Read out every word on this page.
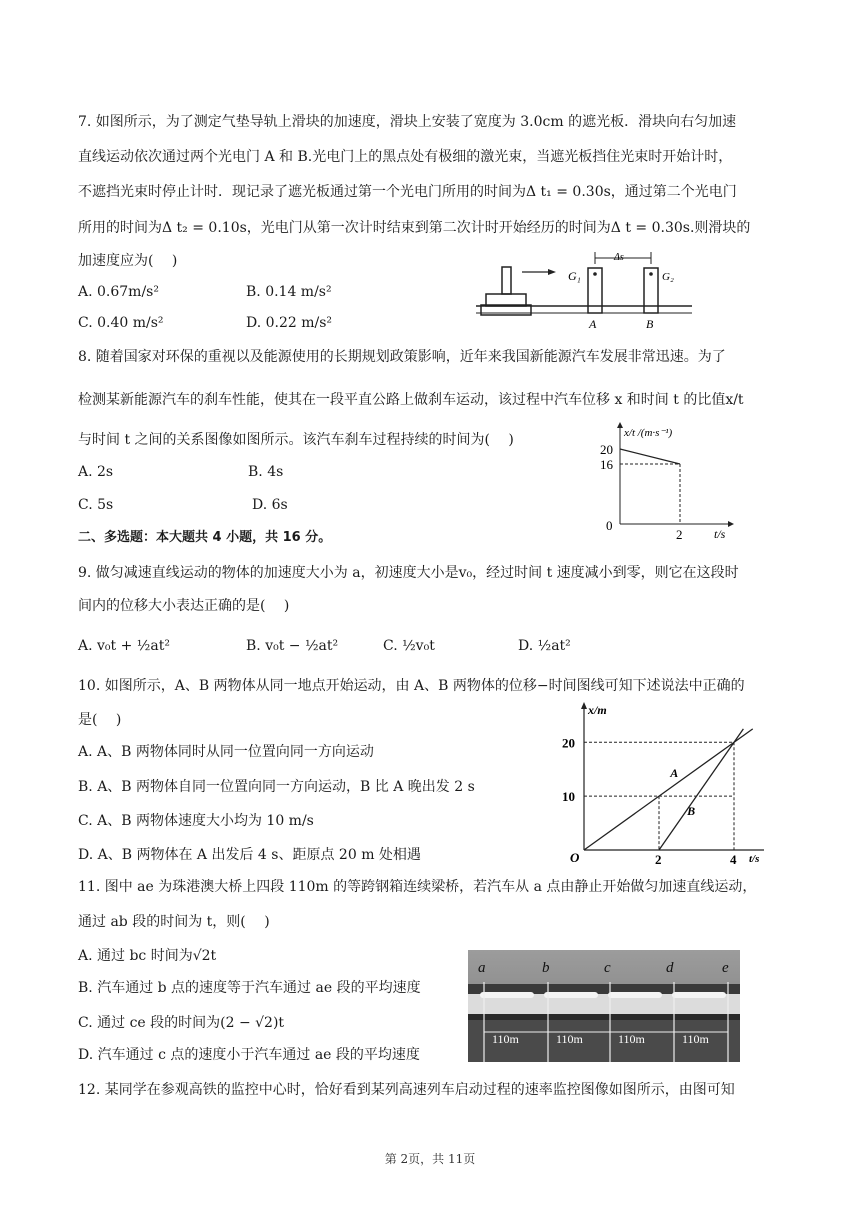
7. 如图所示，为了测定气垫导轨上滑块的加速度，滑块上安装了宽度为 3.0cm 的遮光板．滑块向右匀加速
直线运动依次通过两个光电门 A 和 B.光电门上的黑点处有极细的激光束，当遮光板挡住光束时开始计时，
不遮挡光束时停止计时．现记录了遮光板通过第一个光电门所用的时间为Δ t₁ = 0.30s，通过第二个光电门
所用的时间为Δ t₂ = 0.10s，光电门从第一次计时结束到第二次计时开始经历的时间为Δ t = 0.30s.则滑块的
加速度应为(　 )
A. 0.67m/s²	B. 0.14 m/s²
C. 0.40 m/s²	D. 0.22 m/s²
Δs
G₁	G₂
A	B
8. 随着国家对环保的重视以及能源使用的长期规划政策影响，近年来我国新能源汽车发展非常迅速。为了
检测某新能源汽车的刹车性能，使其在一段平直公路上做刹车运动，该过程中汽车位移 x 和时间 t 的比值x/t
与时间 t 之间的关系图像如图所示。该汽车刹车过程持续的时间为(　 )
A. 2s	B. 4s
C. 5s	D. 6s
20
16
0
2
x/t /(m·s⁻¹)
t/s
二、多选题：本大题共 4 小题，共 16 分。
9. 做匀减速直线运动的物体的加速度大小为 a，初速度大小是v₀，经过时间 t 速度减小到零，则它在这段时
间内的位移大小表达正确的是(　 )
A. v₀t + ½at²	B. v₀t − ½at²	C. ½v₀t	D. ½at²
10. 如图所示，A、B 两物体从同一地点开始运动，由 A、B 两物体的位移−时间图线可知下述说法中正确的
是(　 )
A. A、B 两物体同时从同一位置向同一方向运动
B. A、B 两物体自同一位置向同一方向运动，B 比 A 晚出发 2 s
C. A、B 两物体速度大小均为 10 m/s
D. A、B 两物体在 A 出发后 4 s、距原点 20 m 处相遇
A
B
20
10
O	2	4
x/m
t/s
11. 图中 ae 为珠港澳大桥上四段 110m 的等跨钢箱连续梁桥，若汽车从 a 点由静止开始做匀加速直线运动，
通过 ab 段的时间为 t，则(　 )
A. 通过 bc 时间为√2t
B. 汽车通过 b 点的速度等于汽车通过 ae 段的平均速度
C. 通过 ce 段的时间为(2 − √2)t
D. 汽车通过 c 点的速度小于汽车通过 ae 段的平均速度
110m	110m	110m	110m
a	b	c	d	e
12. 某同学在参观高铁的监控中心时，恰好看到某列高速列车启动过程的速率监控图像如图所示，由图可知
第 2页，共 11页
